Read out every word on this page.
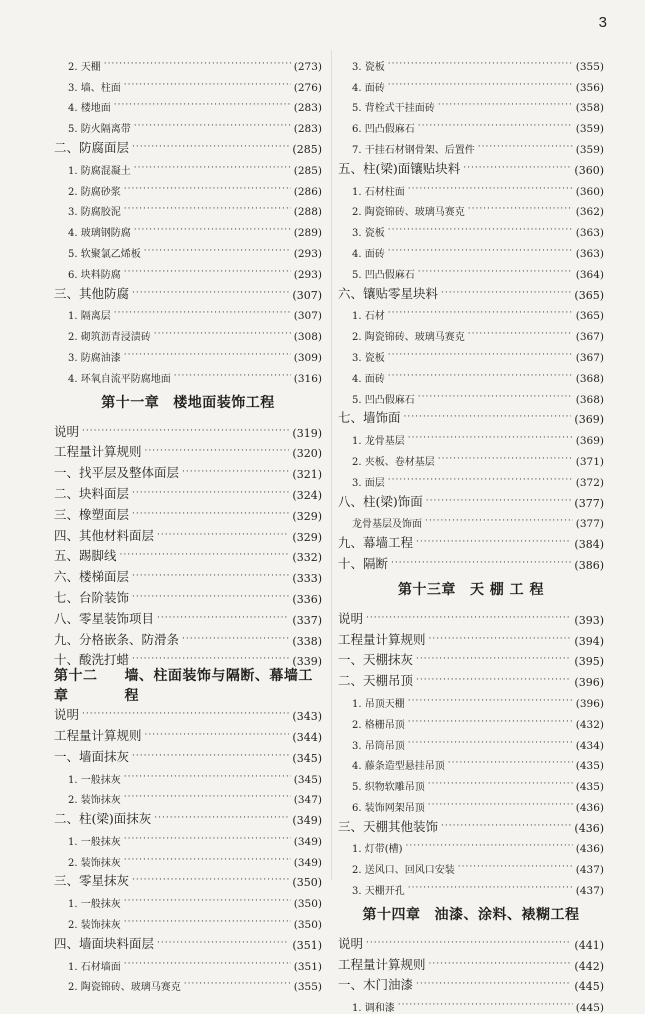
3
2. 天棚 ·····	(273)
3. 墙、柱面 ·····	(276)
4. 楼地面 ·····	(283)
5. 防火隔离带 ·····	(283)
二、防腐面层 ·····	(285)
1. 防腐混凝土 ·····	(285)
2. 防腐砂浆 ·····	(286)
3. 防腐胶泥 ·····	(288)
4. 玻璃钢防腐 ·····	(289)
5. 软聚氯乙烯板 ·····	(293)
6. 块料防腐 ·····	(293)
三、其他防腐 ·····	(307)
1. 隔离层 ·····	(307)
2. 砌筑沥青浸渍砖 ·····	(308)
3. 防腐油漆 ·····	(309)
4. 环氧自流平防腐地面 ·····	(316)
第十一章 楼地面装饰工程
说明 ·····	(319)
工程量计算规则 ·····	(320)
一、找平层及整体面层 ·····	(321)
二、块料面层 ·····	(324)
三、橡塑面层 ·····	(329)
四、其他材料面层 ·····	(329)
五、踢脚线 ·····	(332)
六、楼梯面层 ·····	(333)
七、台阶装饰 ·····	(336)
八、零星装饰项目 ·····	(337)
九、分格嵌条、防滑条 ·····	(338)
十、酸洗打蜡 ·····	(339)
第十二章
墙、柱面装饰与隔断、幕墙工程
说明 ·····	(343)
工程量计算规则 ·····	(344)
一、墙面抹灰 ·····	(345)
1. 一般抹灰 ·····	(345)
2. 装饰抹灰 ·····	(347)
二、柱(梁)面抹灰 ·····	(349)
1. 一般抹灰 ·····	(349)
2. 装饰抹灰 ·····	(349)
三、零星抹灰 ·····	(350)
1. 一般抹灰 ·····	(350)
2. 装饰抹灰 ·····	(350)
四、墙面块料面层 ·····	(351)
1. 石材墙面 ·····	(351)
2. 陶瓷锦砖、玻璃马赛克 ·····	(355)
3. 瓷板 ·····	(355)
4. 面砖 ·····	(356)
5. 背栓式干挂面砖 ·····	(358)
6. 凹凸假麻石 ·····	(359)
7. 干挂石材钢骨架、后置件 ·····	(359)
五、柱(梁)面镶贴块料 ·····	(360)
1. 石材柱面 ·····	(360)
2. 陶瓷锦砖、玻璃马赛克 ·····	(362)
3. 瓷板 ·····	(363)
4. 面砖 ·····	(363)
5. 凹凸假麻石 ·····	(364)
六、镶贴零星块料 ·····	(365)
1. 石材 ·····	(365)
2. 陶瓷锦砖、玻璃马赛克 ·····	(367)
3. 瓷板 ·····	(367)
4. 面砖 ·····	(368)
5. 凹凸假麻石 ·····	(368)
七、墙饰面 ·····	(369)
1. 龙骨基层 ·····	(369)
2. 夹板、卷材基层 ·····	(371)
3. 面层 ·····	(372)
八、柱(梁)饰面 ·····	(377)
龙骨基层及饰面 ·····	(377)
九、幕墙工程 ·····	(384)
十、隔断 ·····	(386)
第十三章 天 棚 工 程
说明 ·····	(393)
工程量计算规则 ·····	(394)
一、天棚抹灰 ·····	(395)
二、天棚吊顶 ·····	(396)
1. 吊顶天棚 ·····	(396)
2. 格栅吊顶 ·····	(432)
3. 吊筒吊顶 ·····	(434)
4. 藤条造型悬挂吊顶 ·····	(435)
5. 织物软雕吊顶 ·····	(435)
6. 装饰网架吊顶 ·····	(436)
三、天棚其他装饰 ·····	(436)
1. 灯带(槽) ·····	(436)
2. 送风口、回风口安装 ·····	(437)
3. 天棚开孔 ·····	(437)
第十四章 油漆、涂料、裱糊工程
说明 ·····	(441)
工程量计算规则 ·····	(442)
一、木门油漆 ·····	(445)
1. 调和漆 ·····	(445)
